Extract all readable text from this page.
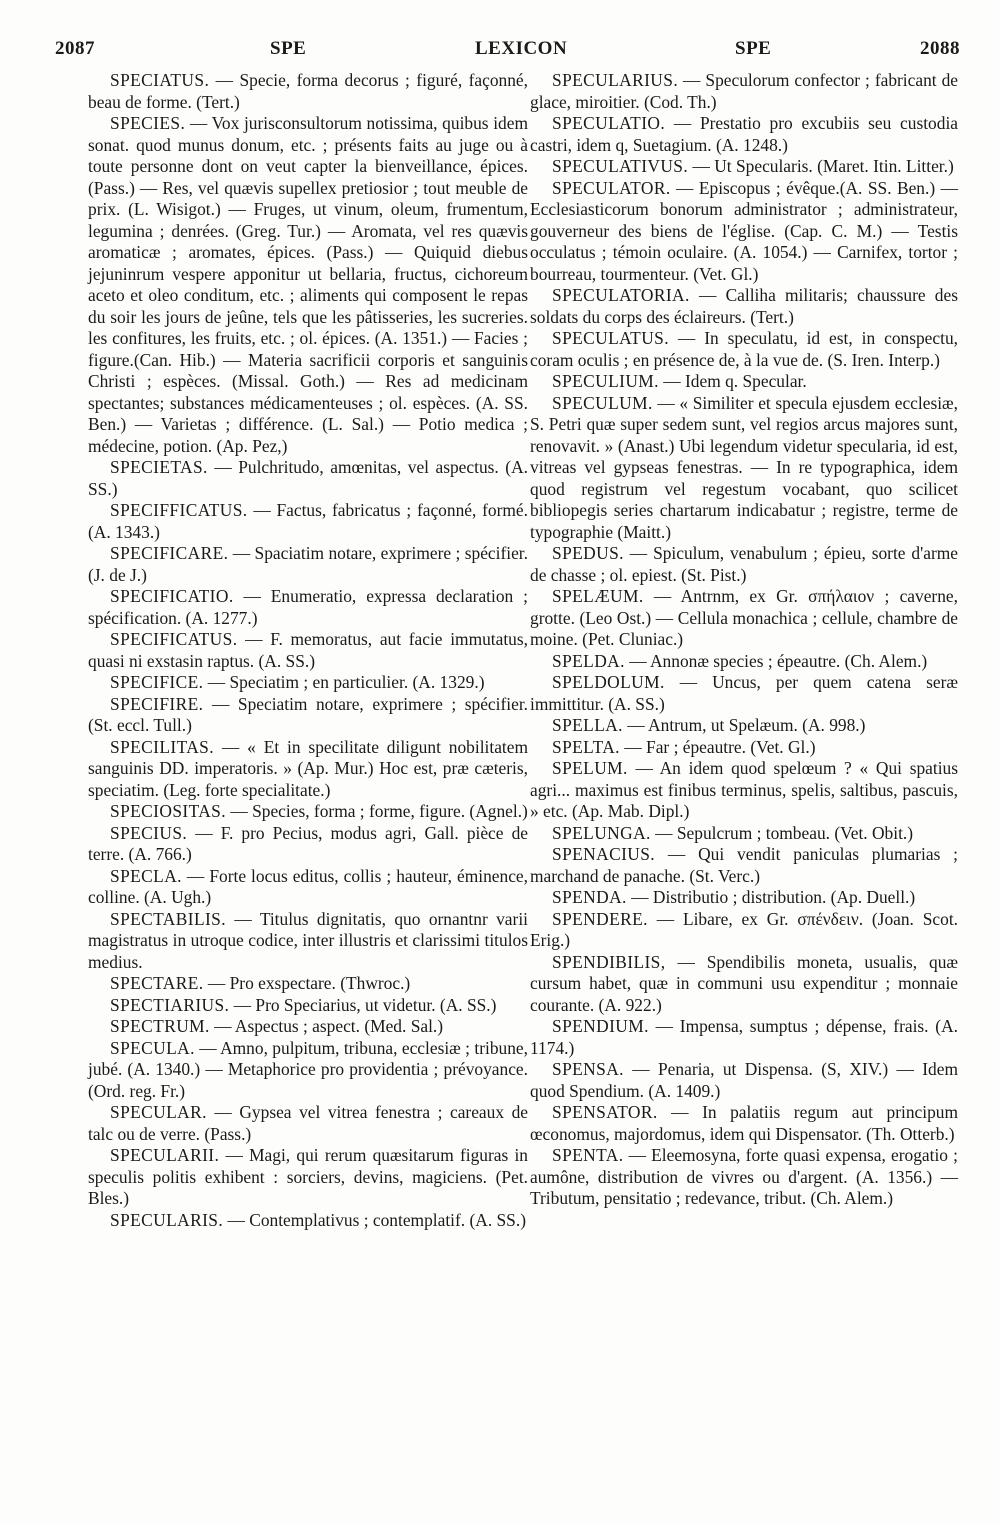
2087	SPE	LEXICON	SPE	2088

SPECIATUS. — Specie, forma decorus ; figuré, façonné, beau de forme. (Tert.)

SPECIES. — Vox jurisconsultorum notissima, quibus idem sonat. quod munus donum, etc. ; présents faits au juge ou à toute personne dont on veut capter la bienveillance, épices. (Pass.) — Res, vel quævis supellex pretiosior ; tout meuble de prix. (L. Wisigot.) — Fruges, ut vinum, oleum, frumentum, legumina ; denrées. (Greg. Tur.) — Aromata, vel res quævis aromaticæ ; aromates, épices. (Pass.) — Quiquid diebus jejuninrum vespere apponitur ut bellaria, fructus, cichoreum aceto et oleo conditum, etc. ; aliments qui composent le repas du soir les jours de jeûne, tels que les pâtisseries, les sucreries. les confitures, les fruits, etc. ; ol. épices. (A. 1351.) — Facies ; figure.(Can. Hib.) — Materia sacrificii corporis et sanguinis Christi ; espèces. (Missal. Goth.) — Res ad medicinam spectantes; substances médicamenteuses ; ol. espèces. (A. SS. Ben.) — Varietas ; différence. (L. Sal.) — Potio medica ; médecine, potion. (Ap. Pez,)

SPECIETAS. — Pulchritudo, amœnitas, vel aspectus. (A. SS.)

SPECIFFICATUS. — Factus, fabricatus ; façonné, formé. (A. 1343.)

SPECIFICARE. — Spaciatim notare, exprimere ; spécifier. (J. de J.)

SPECIFICATIO. — Enumeratio, expressa declaration ; spécification. (A. 1277.)

SPECIFICATUS. — F. memoratus, aut facie immutatus, quasi ni exstasin raptus. (A. SS.)

SPECIFICE. — Speciatim ; en particulier. (A. 1329.)

SPECIFIRE. — Speciatim notare, exprimere ; spécifier. (St. eccl. Tull.)

SPECILITAS. — « Et in specilitate diligunt nobilitatem sanguinis DD. imperatoris. » (Ap. Mur.) Hoc est, præ cæteris, speciatim. (Leg. forte specialitate.)

SPECIOSITAS. — Species, forma ; forme, figure. (Agnel.)

SPECIUS. — F. pro Pecius, modus agri, Gall. pièce de terre. (A. 766.)

SPECLA. — Forte locus editus, collis ; hauteur, éminence, colline. (A. Ugh.)

SPECTABILIS. — Titulus dignitatis, quo ornantnr varii magistratus in utroque codice, inter illustris et clarissimi titulos medius.

SPECTARE. — Pro exspectare. (Thwroc.)

SPECTIARIUS. — Pro Speciarius, ut videtur. (A. SS.)

SPECTRUM. — Aspectus ; aspect. (Med. Sal.)

SPECULA. — Amno, pulpitum, tribuna, ecclesiæ ; tribune, jubé. (A. 1340.) — Metaphorice pro providentia ; prévoyance. (Ord. reg. Fr.)

SPECULAR. — Gypsea vel vitrea fenestra ; careaux de talc ou de verre. (Pass.)

SPECULARII. — Magi, qui rerum quæsitarum figuras in speculis politis exhibent : sorciers, devins, magiciens. (Pet. Bles.)

SPECULARIS. — Contemplativus ; contemplatif. (A. SS.)

SPECULARIUS. — Speculorum confector ; fabricant de glace, miroitier. (Cod. Th.)

SPECULATIO. — Prestatio pro excubiis seu custodia castri, idem q, Suetagium. (A. 1248.)

SPECULATIVUS. — Ut Specularis. (Maret. Itin. Litter.)

SPECULATOR. — Episcopus ; évêque.(A. SS. Ben.) — Ecclesiasticorum bonorum administrator ; administrateur, gouverneur des biens de l'église. (Cap. C. M.) — Testis occulatus ; témoin oculaire. (A. 1054.) — Carnifex, tortor ; bourreau, tourmenteur. (Vet. Gl.)

SPECULATORIA. — Calliha militaris; chaussure des soldats du corps des éclaireurs. (Tert.)

SPECULATUS. — In speculatu, id est, in conspectu, coram oculis ; en présence de, à la vue de. (S. Iren. Interp.)

SPECULIUM. — Idem q. Specular.

SPECULUM. — « Similiter et specula ejusdem ecclesiæ, S. Petri quæ super sedem sunt, vel regios arcus majores sunt, renovavit. » (Anast.) Ubi legendum videtur specularia, id est, vitreas vel gypseas fenestras. — In re typographica, idem quod registrum vel regestum vocabant, quo scilicet bibliopegis series chartarum indicabatur ; registre, terme de typographie (Maitt.)

SPEDUS. — Spiculum, venabulum ; épieu, sorte d'arme de chasse ; ol. epiest. (St. Pist.)

SPELÆUM. — Antrnm, ex Gr. σπήλαιον ; caverne, grotte. (Leo Ost.) — Cellula monachica ; cellule, chambre de moine. (Pet. Cluniac.)

SPELDA. — Annonæ species ; épeautre. (Ch. Alem.)

SPELDOLUM. — Uncus, per quem catena seræ immittitur. (A. SS.)

SPELLA. — Antrum, ut Spelæum. (A. 998.)

SPELTA. — Far ; épeautre. (Vet. Gl.)

SPELUM. — An idem quod spelœum ? « Qui spatius agri... maximus est finibus terminus, spelis, saltibus, pascuis, » etc. (Ap. Mab. Dipl.)

SPELUNGA. — Sepulcrum ; tombeau. (Vet. Obit.)

SPENACIUS. — Qui vendit paniculas plumarias ; marchand de panache. (St. Verc.)

SPENDA. — Distributio ; distribution. (Ap. Duell.)

SPENDERE. — Libare, ex Gr. σπένδειν. (Joan. Scot. Erig.)

SPENDIBILIS, — Spendibilis moneta, usualis, quæ cursum habet, quæ in communi usu expenditur ; monnaie courante. (A. 922.)

SPENDIUM. — Impensa, sumptus ; dépense, frais. (A. 1174.)

SPENSA. — Penaria, ut Dispensa. (S, XIV.) — Idem quod Spendium. (A. 1409.)

SPENSATOR. — In palatiis regum aut principum œconomus, majordomus, idem qui Dispensator. (Th. Otterb.)

SPENTA. — Eleemosyna, forte quasi expensa, erogatio ; aumône, distribution de vivres ou d'argent. (A. 1356.) — Tributum, pensitatio ; redevance, tribut. (Ch. Alem.)
